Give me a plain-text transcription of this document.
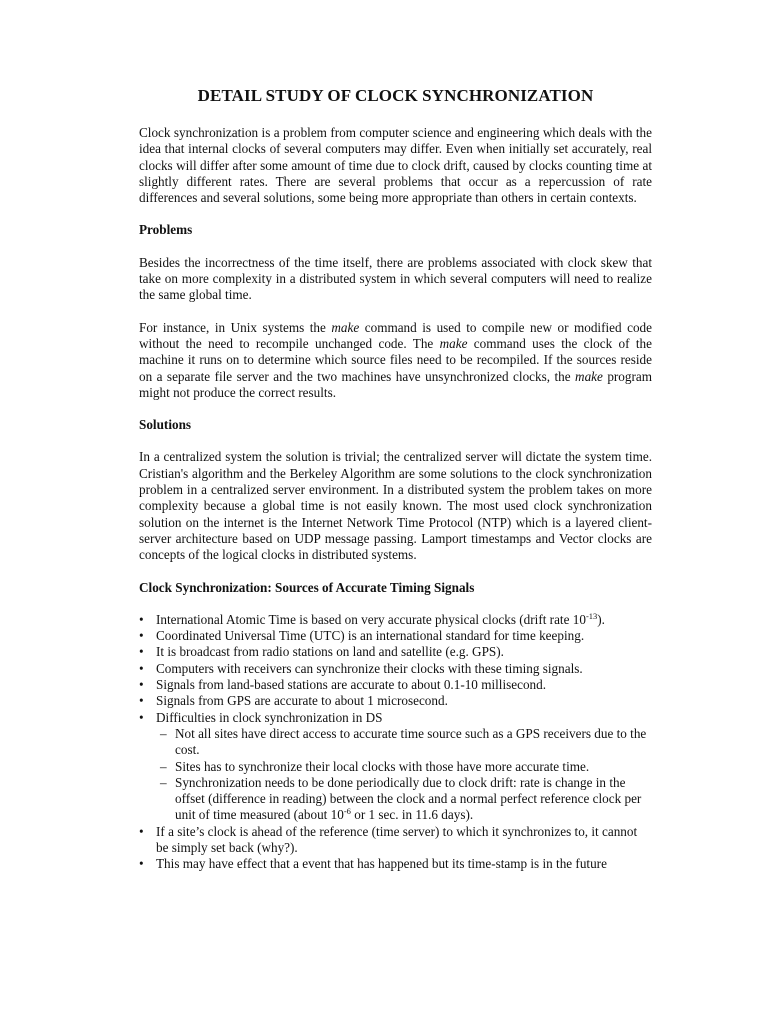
DETAIL STUDY OF CLOCK SYNCHRONIZATION

Clock synchronization is a problem from computer science and engineering which deals with the idea that internal clocks of several computers may differ. Even when initially set accurately, real clocks will differ after some amount of time due to clock drift, caused by clocks counting time at slightly different rates. There are several problems that occur as a repercussion of rate differences and several solutions, some being more appropriate than others in certain contexts.

Problems

Besides the incorrectness of the time itself, there are problems associated with clock skew that take on more complexity in a distributed system in which several computers will need to realize the same global time.

For instance, in Unix systems the make command is used to compile new or modified code without the need to recompile unchanged code. The make command uses the clock of the machine it runs on to determine which source files need to be recompiled. If the sources reside on a separate file server and the two machines have unsynchronized clocks, the make program might not produce the correct results.

Solutions

In a centralized system the solution is trivial; the centralized server will dictate the system time. Cristian's algorithm and the Berkeley Algorithm are some solutions to the clock synchronization problem in a centralized server environment. In a distributed system the problem takes on more complexity because a global time is not easily known. The most used clock synchronization solution on the internet is the Internet Network Time Protocol (NTP) which is a layered client-server architecture based on UDP message passing. Lamport timestamps and Vector clocks are concepts of the logical clocks in distributed systems.

Clock Synchronization: Sources of Accurate Timing Signals
• International Atomic Time is based on very accurate physical clocks (drift rate $10^{-13}$).
• Coordinated Universal Time (UTC) is an international standard for time keeping.
• It is broadcast from radio stations on land and satellite (e.g. GPS).
• Computers with receivers can synchronize their clocks with these timing signals.
• Signals from land-based stations are accurate to about 0.1-10 millisecond.
• Signals from GPS are accurate to about 1 microsecond.
• Difficulties in clock synchronization in DS
– Not all sites have direct access to accurate time source such as a GPS receivers due to the cost.
– Sites has to synchronize their local clocks with those have more accurate time.
– Synchronization needs to be done periodically due to clock drift: rate is change in the offset (difference in reading) between the clock and a normal perfect reference clock per unit of time measured (about $10^{-6}$ or 1 sec. in 11.6 days).
• If a site’s clock is ahead of the reference (time server) to which it synchronizes to, it cannot be simply set back (why?).
• This may have effect that a event that has happened but its time-stamp is in the future
